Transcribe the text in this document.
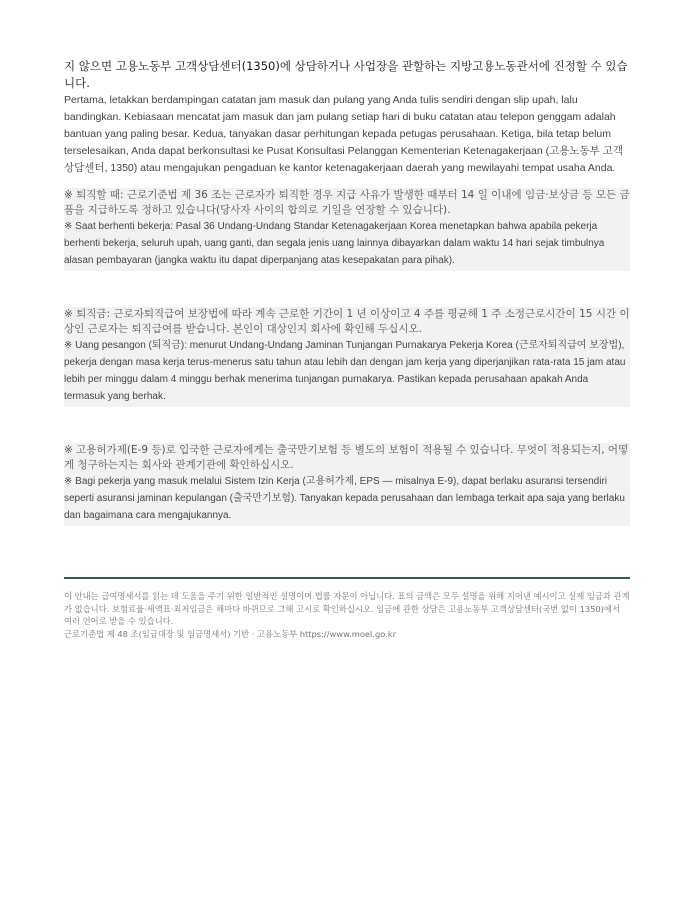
지 않으면 고용노동부 고객상담센터(1350)에 상담하거나 사업장을 관할하는 지방고용노동관서에 진정할 수 있습니다.

Pertama, letakkan berdampingan catatan jam masuk dan pulang yang Anda tulis sendiri dengan slip upah, lalu bandingkan. Kebiasaan mencatat jam masuk dan jam pulang setiap hari di buku catatan atau telepon genggam adalah bantuan yang paling besar. Kedua, tanyakan dasar perhitungan kepada petugas perusahaan. Ketiga, bila tetap belum terselesaikan, Anda dapat berkonsultasi ke Pusat Konsultasi Pelanggan Kementerian Ketenagakerjaan (고용노동부 고객상담센터, 1350) atau mengajukan pengaduan ke kantor ketenagakerjaan daerah yang mewilayahi tempat usaha Anda.

※ 퇴직할 때: 근로기준법 제 36 조는 근로자가 퇴직한 경우 지급 사유가 발생한 때부터 14 일 이내에 임금·보상금 등 모든 금품을 지급하도록 정하고 있습니다(당사자 사이의 합의로 기일을 연장할 수 있습니다).

※ Saat berhenti bekerja: Pasal 36 Undang-Undang Standar Ketenagakerjaan Korea menetapkan bahwa apabila pekerja berhenti bekerja, seluruh upah, uang ganti, dan segala jenis uang lainnya dibayarkan dalam waktu 14 hari sejak timbulnya alasan pembayaran (jangka waktu itu dapat diperpanjang atas kesepakatan para pihak).

※ 퇴직금: 근로자퇴직급여 보장법에 따라 계속 근로한 기간이 1 년 이상이고 4 주를 평균해 1 주 소정근로시간이 15 시간 이상인 근로자는 퇴직급여를 받습니다. 본인이 대상인지 회사에 확인해 두십시오.

※ Uang pesangon (퇴직금): menurut Undang-Undang Jaminan Tunjangan Purnakarya Pekerja Korea (근로자퇴직급여 보장법), pekerja dengan masa kerja terus-menerus satu tahun atau lebih dan dengan jam kerja yang diperjanjikan rata-rata 15 jam atau lebih per minggu dalam 4 minggu berhak menerima tunjangan purnakarya. Pastikan kepada perusahaan apakah Anda termasuk yang berhak.

※ 고용허가제(E-9 등)로 입국한 근로자에게는 출국만기보험 등 별도의 보험이 적용될 수 있습니다. 무엇이 적용되는지, 어떻게 청구하는지는 회사와 관계기관에 확인하십시오.

※ Bagi pekerja yang masuk melalui Sistem Izin Kerja (고용허가제, EPS — misalnya E-9), dapat berlaku asuransi tersendiri seperti asuransi jaminan kepulangan (출국만기보험). Tanyakan kepada perusahaan dan lembaga terkait apa saja yang berlaku dan bagaimana cara mengajukannya.

이 안내는 급여명세서를 읽는 데 도움을 주기 위한 일반적인 설명이며 법률 자문이 아닙니다. 표의 금액은 모두 설명을 위해 지어낸 예시이고 실제 임금과 관계가 없습니다. 보험료율·세액표·최저임금은 해마다 바뀌므로 그해 고시로 확인하십시오. 임금에 관한 상담은 고용노동부 고객상담센터(국번 없이 1350)에서 여러 언어로 받을 수 있습니다.

근로기준법 제 48 조(임금대장 및 임금명세서) 기반 · 고용노동부 https://www.moel.go.kr
